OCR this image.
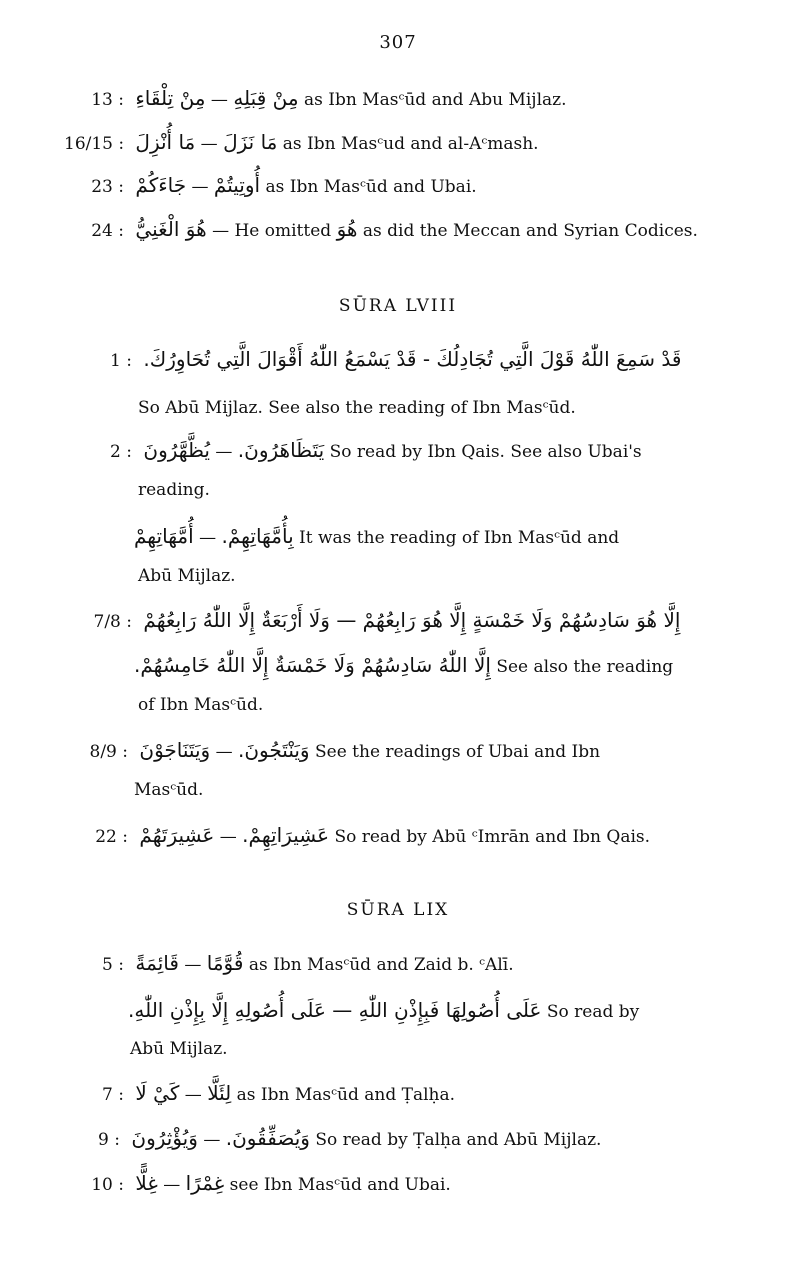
307
13 : مِنْ تِلْقَاءِ — مِنْ قِبَلِهِ as Ibn Masᶜūd and Abu Mijlaz.
16/15 : مَا أُنْزِلَ — مَا نَزَلَ as Ibn Masᶜud and al-Aᶜmash.
23 : جَاءَكُمْ — أُوتِيتُمْ as Ibn Masᶜūd and Ubai.
24 : هُوَ الْغَنِيُّ — He omitted هُوَ as did the Meccan and Syrian Codices.
SŪRA LVIII
1 : قَدْ سَمِعَ اللّٰهُ قَوْلَ الَّتِي تُجَادِلُكَ - قَدْ يَسْمَعُ اللّٰهُ أَقْوَالَ الَّتِي تُحَاوِرُكَ.
So Abū Mijlaz. See also the reading of Ibn Masᶜūd.
2 : يُظَّهَّرُونَ — يَتَظَاهَرُونَ. So read by Ibn Qais. See also Ubai's
reading.
أُمَّهَاتِهِمْ — بِأُمَّهَاتِهِمْ. It was the reading of Ibn Masᶜūd and
Abū Mijlaz.
7/8 : إِلَّا هُوَ سَادِسُهُمْ وَلَا خَمْسَةٍ إِلَّا هُوَ رَابِعُهُمْ — وَلَا أَرْبَعَةٌ إِلَّا اللّٰهُ رَابِعُهُمْ
إِلَّا اللّٰهُ سَادِسُهُمْ وَلَا خَمْسَةٌ إِلَّا اللّٰهُ خَامِسُهُمْ. See also the reading
of Ibn Masᶜūd.
8/9 : وَيَتَنَاجَوْنَ — وَيَنْتَجُونَ. See the readings of Ubai and Ibn
Masᶜūd.
22 : عَشِيرَتَهُمْ — عَشِيرَاتِهِمْ. So read by Abū ᶜImrān and Ibn Qais.
SŪRA LIX
5 : قَائِمَةً — قُوَّمًا as Ibn Masᶜūd and Zaid b. ᶜAlī.
عَلَى أُصُولِهَا فَبِإِذْنِ اللّٰهِ — عَلَى أُصُولِهِ إِلَّا بِإِذْنِ اللّٰهِ. So read by
Abū Mijlaz.
7 : كَيْ لَا — لِئَلَّا as Ibn Masᶜūd and Ṭalḥa.
9 : وَيُؤْثِرُونَ — وَيُصَفِّقُونَ. So read by Ṭalḥa and Abū Mijlaz.
10 : غِلًّا — غِمْرًا see Ibn Masᶜūd and Ubai.
